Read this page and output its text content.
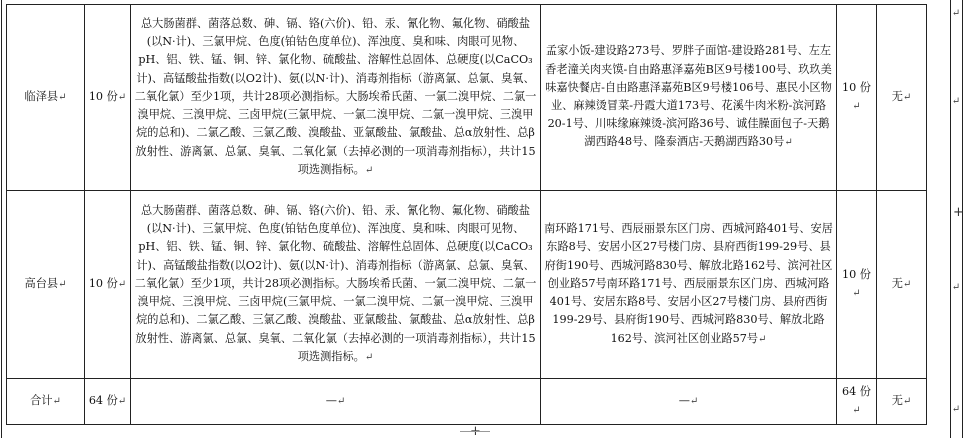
临泽县↵	10 份↵	总大肠菌群、菌落总数、砷、镉、铬(六价)、铅、汞、氰化物、氟化物、硝酸盐(以N·计)、三氯甲烷、色度(铂钴色度单位)、浑浊度、臭和味、肉眼可见物、pH、铝、铁、锰、铜、锌、氯化物、硫酸盐、溶解性总固体、总硬度(以CaCO₃计)、高锰酸盐指数(以O2计)、氨(以N·计)、消毒剂指标（游离氯、总氯、臭氧、二氧化氯）至少1项，共计28项必测指标。大肠埃希氏菌、一氯二溴甲烷、二氯一溴甲烷、三溴甲烷、三卤甲烷(三氯甲烷、一氯二溴甲烷、二氯一溴甲烷、三溴甲烷的总和)、二氯乙酸、三氯乙酸、溴酸盐、亚氯酸盐、氯酸盐、总α放射性、总β放射性、游离氯、总氯、臭氧、二氧化氯（去掉必测的一项消毒剂指标），共计15项选测指标。↵	孟家小饭-建设路273号、罗胖子面馆-建设路281号、左左香老潼关肉夹馍-自由路惠泽嘉苑B区9号楼100号、玖玖美味嘉快餐店-自由路惠泽嘉苑B区9号楼106号、惠民小区物业、麻辣烫冒菜-丹霞大道173号、花溪牛肉米粉-滨河路20-1号、川味缘麻辣烫-滨河路36号、诚佳臊面包子-天鹅湖西路48号、隆泰酒店-天鹅湖西路30号↵	10 份↵	无↵
高台县↵	10 份↵	总大肠菌群、菌落总数、砷、镉、铬(六价)、铅、汞、氰化物、氟化物、硝酸盐(以N·计)、三氯甲烷、色度(铂钴色度单位)、浑浊度、臭和味、肉眼可见物、pH、铝、铁、锰、铜、锌、氯化物、硫酸盐、溶解性总固体、总硬度(以CaCO₃计)、高锰酸盐指数(以O2计)、氨(以N·计)、消毒剂指标（游离氯、总氯、臭氧、二氧化氯）至少1项，共计28项必测指标。大肠埃希氏菌、一氯二溴甲烷、二氯一溴甲烷、三溴甲烷、三卤甲烷(三氯甲烷、一氯二溴甲烷、二氯一溴甲烷、三溴甲烷的总和)、二氯乙酸、三氯乙酸、溴酸盐、亚氯酸盐、氯酸盐、总α放射性、总β放射性、游离氯、总氯、臭氧、二氧化氯（去掉必测的一项消毒剂指标），共计15项选测指标。↵	南环路171号、西辰丽景东区门房、西城河路401号、安居东路8号、安居小区27号楼门房、县府西街199-29号、县府街190号、西城河路830号、解放北路162号、滨河社区创业路57号南环路171号、西辰丽景东区门房、西城河路401号、安居东路8号、安居小区27号楼门房、县府西街199-29号、县府街190号、西城河路830号、解放北路162号、滨河社区创业路57号↵	10 份↵	无↵
合计↵	64 份↵	—↵	—↵	64 份↵	无↵
↵
↵
↵
↵
+
+
